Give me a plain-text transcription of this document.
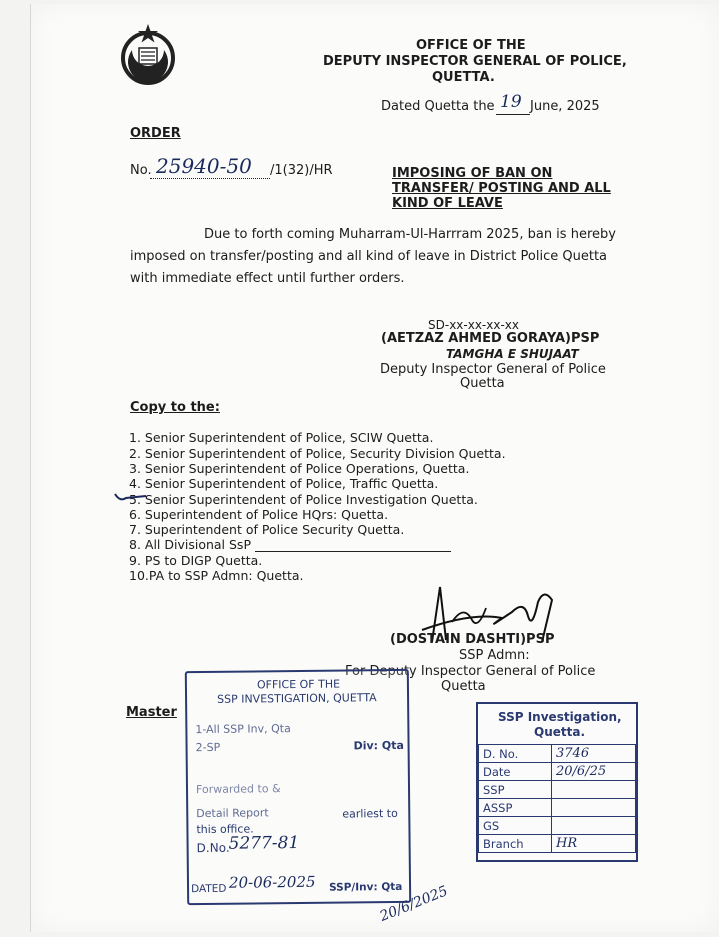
OFFICE OF THE
DEPUTY INSPECTOR GENERAL OF POLICE,
QUETTA.
Dated Quetta the 19 June, 2025
ORDER
No. 25940-50 /1(32)/HR	IMPOSING OF BAN ON
TRANSFER/ POSTING AND ALL
KIND OF LEAVE
Due to forth coming Muharram-Ul-Harrram 2025, ban is hereby
imposed on transfer/posting and all kind of leave in District Police Quetta
with immediate effect until further orders.
SD-xx-xx-xx-xx
(AETZAZ AHMED GORAYA)PSP
TAMGHA E SHUJAAT
Deputy Inspector General of Police
Quetta
Copy to the:
1. Senior Superintendent of Police, SCIW Quetta.
2. Senior Superintendent of Police, Security Division Quetta.
3. Senior Superintendent of Police Operations, Quetta.
4. Senior Superintendent of Police, Traffic Quetta.
5. Senior Superintendent of Police Investigation Quetta.
6. Superintendent of Police HQrs: Quetta.
7. Superintendent of Police Security Quetta.
8. All Divisional SsP
9. PS to DIGP Quetta.
10.PA to SSP Admn: Quetta.
(DOSTAIN DASHTI)PSP
SSP Admn:
For Deputy Inspector General of Police
Quetta
Master
OFFICE OF THE
SSP INVESTIGATION, QUETTA
1-All SSP Inv, Qta
2-SP	Div: Qta
Forwarded to &
Detail Report	earliest to
this office.
D.No.
5277-81
DATED 20-06-2025 SSP/Inv: Qta
20/6/2025
SSP Investigation,
Quetta.
D. No.	3746
Date	20/6/25
SSP	
ASSP	
GS	
Branch	HR
